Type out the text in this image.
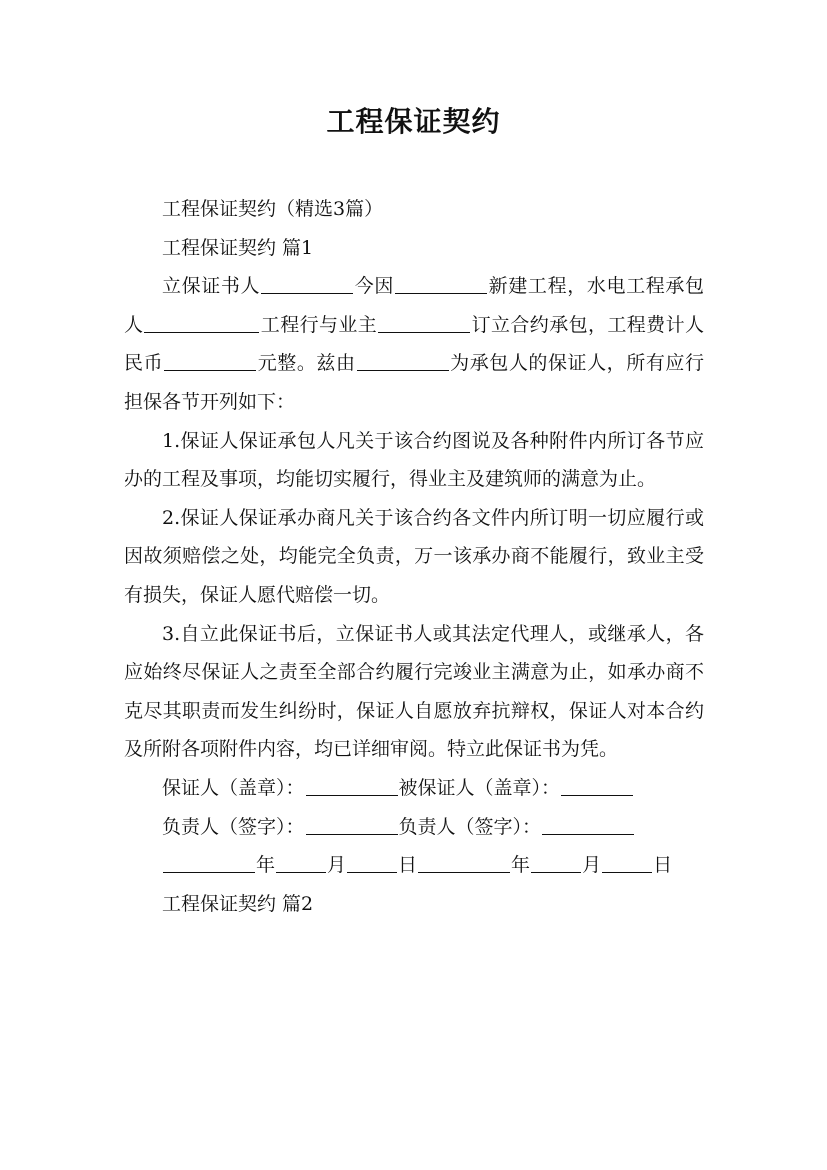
工程保证契约

工程保证契约（精选3篇）

工程保证契约 篇1

立保证书人	今因	新建工程，水电工程承包人	工程行与业主	订立合约承包，工程费计人民币	元整。兹由	为承包人的保证人，所有应行担保各节开列如下：

1.保证人保证承包人凡关于该合约图说及各种附件内所订各节应办的工程及事项，均能切实履行，得业主及建筑师的满意为止。

2.保证人保证承办商凡关于该合约各文件内所订明一切应履行或因故须赔偿之处，均能完全负责，万一该承办商不能履行，致业主受有损失，保证人愿代赔偿一切。

3.自立此保证书后，立保证书人或其法定代理人，或继承人，各应始终尽保证人之责至全部合约履行完竣业主满意为止，如承办商不克尽其职责而发生纠纷时，保证人自愿放弃抗辩权，保证人对本合约及所附各项附件内容，均已详细审阅。特立此保证书为凭。

保证人（盖章）：	被保证人（盖章）：

负责人（签字）：	负责人（签字）：

年	月	日	年	月	日

工程保证契约 篇2
